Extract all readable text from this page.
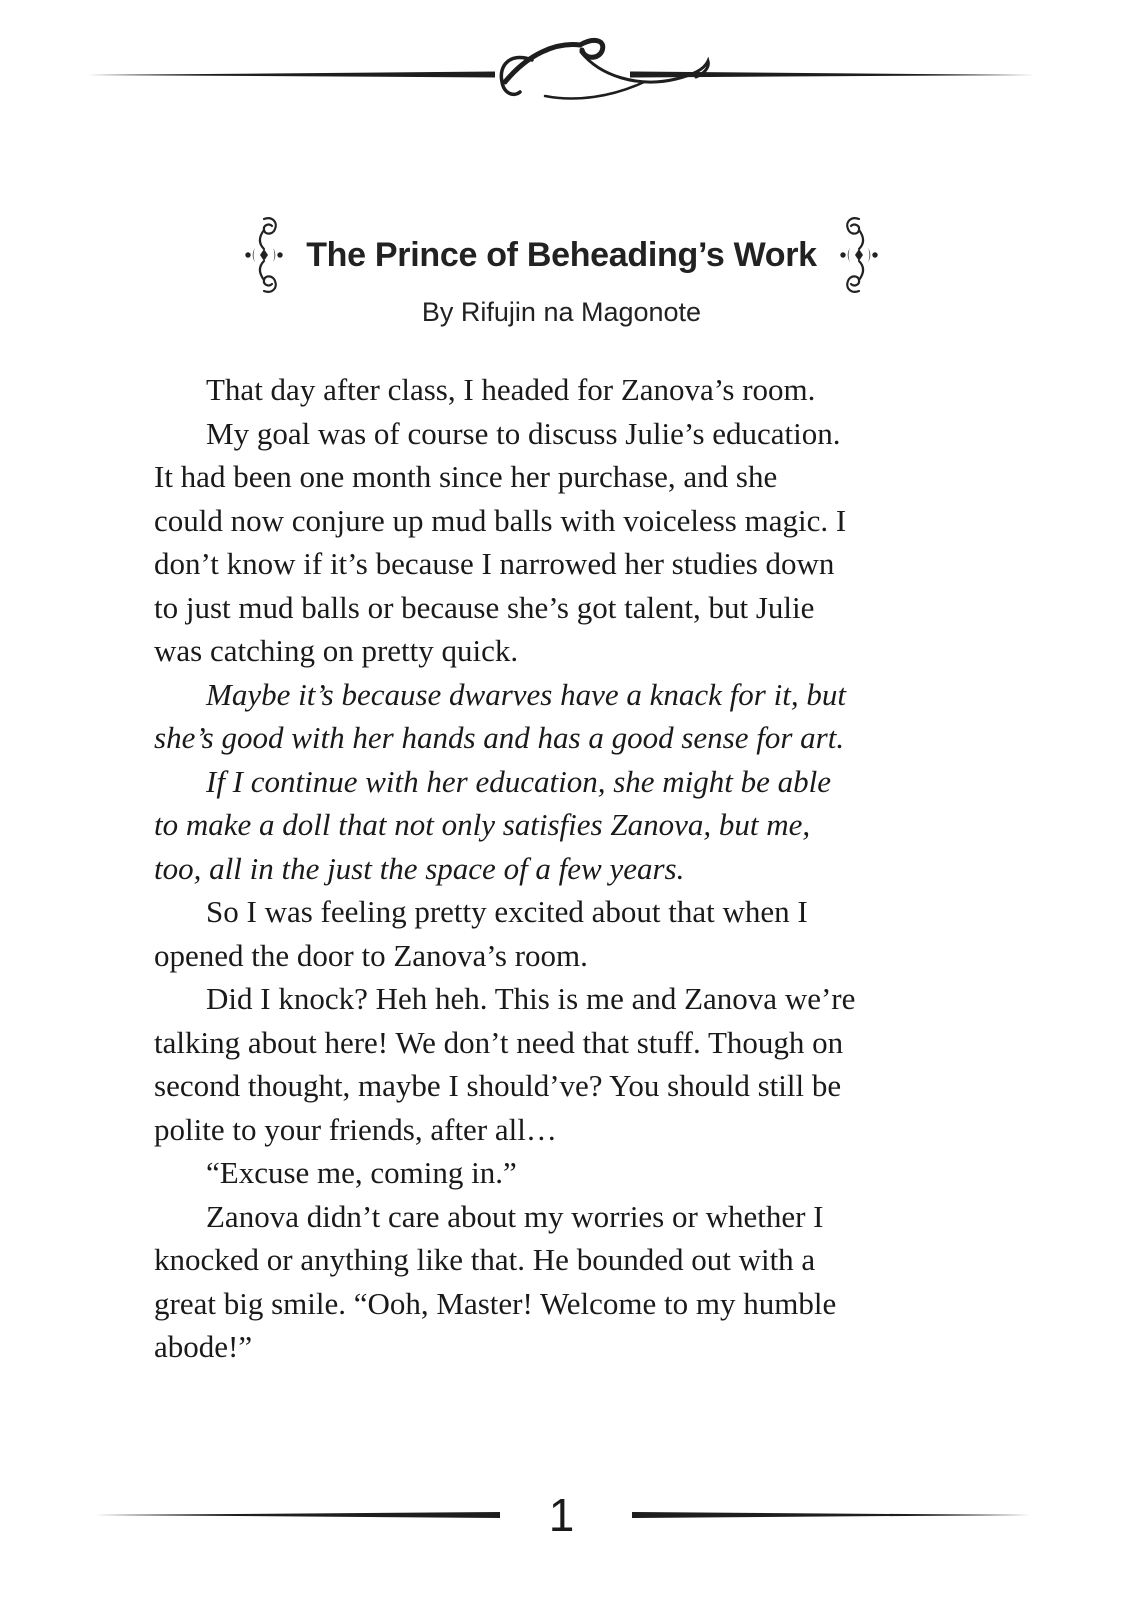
The Prince of Beheading’s Work
By Rifujin na Magonote

That day after class, I headed for Zanova’s room.

My goal was of course to discuss Julie’s education.
It had been one month since her purchase, and she
could now conjure up mud balls with voiceless magic. I
don’t know if it’s because I narrowed her studies down
to just mud balls or because she’s got talent, but Julie
was catching on pretty quick.

Maybe it’s because dwarves have a knack for it, but
she’s good with her hands and has a good sense for art.

If I continue with her education, she might be able
to make a doll that not only satisfies Zanova, but me,
too, all in the just the space of a few years.

So I was feeling pretty excited about that when I
opened the door to Zanova’s room.

Did I knock? Heh heh. This is me and Zanova we’re
talking about here! We don’t need that stuff. Though on
second thought, maybe I should’ve? You should still be
polite to your friends, after all…

“Excuse me, coming in.”

Zanova didn’t care about my worries or whether I
knocked or anything like that. He bounded out with a
great big smile. “Ooh, Master! Welcome to my humble
abode!”

1
